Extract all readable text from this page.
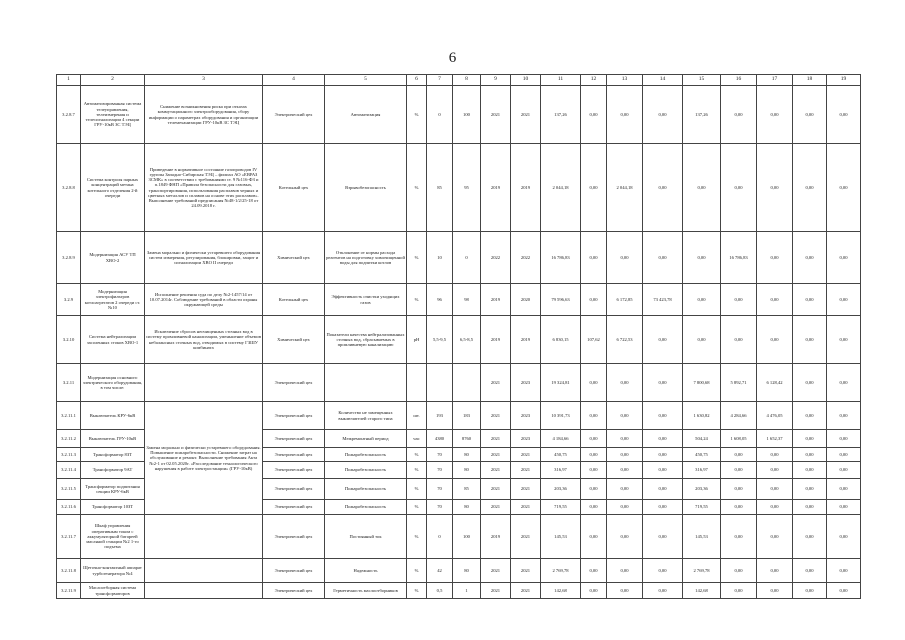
6
1	2	3	4	5	6	7	8	9	10	11	12	13	14	15	16	17	18	19
3.2.8.7	Автоматизированная система телеуправления, телеизмерения и телесигнализации 4 секции ГРУ-10кВ ЗС ТЭЦ	Снижение возникновения риска при отказах коммутационного электрооборудования, сбору информации о параметрах оборудования и организации телемеханизации ГРУ-10кВ ЗС ТЭЦ	Электрический цех	Автоматизация	%	0	100	2021	2021	137,26	0,00	0,00	0,00	137,26	0,00	0,00	0,00	0,00
3.2.8.8	Система контроля парных концентраций метана котельного отделения 2-й очереди	Приведение в нормативное состояние газопроводов IV группы Западно-Сибирская ТЭЦ – филиал АО «ЕВРАЗ ЗСМК» в соответствии с требованиями ст. 9 №116-ФЗ и п.1849 ФНП «Правила безопасности для газовых, транспортирования, использования расплавов черных и цветных металлов и сплавов на основе этих расплавов». Выполнение требований предписания №48-1/2/25-18 от 24.09.2018 г.	Котельный цех	Взрывобезопасность	%	85	95	2019	2019	2 044,18	0,00	2 044,18	0,00	0,00	0,00	0,00	0,00	0,00
3.2.8.9	Модернизация АСУ ТП ХВО-2	Замена морально и физически устаревшего оборудования систем измерения, регулирования, блокировки, защит и сигнализации ХВО II очереди	Химический цех	Отклонение от нормы расхода реагентов на подготовку химочищенной воды для подпитки котлов	%	10	0	2022	2022	16 786,83	0,00	0,00	0,00	0,00	16 786,83	0,00	0,00	0,00
3.2.9	Модернизация электрофильтров котлоагрегатов 2 очереди ст.№10	Исполнение решения суда по делу №2-1457/14 от 10.07.2014г. Соблюдение требований в области охраны окружающей среды	Котельный цех	Эффективность очистки уходящих газов	%	96	98	2019	2020	79 596,63	0,00	6 172,85	73 423,78	0,00	0,00	0,00	0,00	0,00
3.2.10	Система нейтрализации засоленных стоков ХВО-1	Исключение сбросов неочищенных сточных вод в систему промливневой канализации, уменьшение объемов небалансных сточных вод, отводимых в систему ГЗШУ комбината	Химический цех	Показатели качества нейтрализованных сточных вод, сбрасываемых в промливневую канализацию	pH	5,5-9,5	6,5-8,5	2019	2019	6 830,15	107,62	6 722,53	0,00	0,00	0,00	0,00	0,00	0,00
3.2.11	Модернизация основного электрического оборудования, в том числе:		Электрический цех					2021	2023	19 324,81	0,00	0,00	0,00	7 800,68	5 892,71	6 128,42	0,00	0,00
3.2.11.1	Выключатель КРУ-6кВ	Замена морально и физически устаревшего оборудования. Повышение пожаробезопасности. Снижение затрат на обслуживание и ремонт. Выполнение требования Акта №2-1 от 02.05.2020г. «Расследование технологического нарушения в работе электростанции» (ГРУ-10кВ)	Электрический цех	Количество не замещенных выключателей старого типа	шт.	193	183	2021	2023	10 391,73	0,00	0,00	0,00	1 630,82	4 284,66	4 476,05	0,00	0,00
3.2.11.2	Выключатель ГРУ-10кВ		Электрический цех	Межремонтный период	час	4380	8760	2021	2023	4 184,66	0,00	0,00	0,00	504,24	1 608,05	1 652,37	0,00	0,00
3.2.11.3	Трансформатор 8ЗТ		Электрический цех	Пожаробезопасность	%	70	80	2021	2021	450,75	0,00	0,00	0,00	450,75	0,00	0,00	0,00	0,00
3.2.11.4	Трансформатор 9АТ		Электрический цех	Пожаробезопасность	%	70	80	2021	2021	316,97	0,00	0,00	0,00	316,97	0,00	0,00	0,00	0,00
3.2.11.5	Трансформатор подпитания секции КРУ-6кВ		Электрический цех	Пожаробезопасность	%	70	85	2021	2021	203,36	0,00	0,00	0,00	203,36	0,00	0,00	0,00	0,00
3.2.11.6	Трансформатор 10ЗТ		Электрический цех	Пожаробезопасность	%	70	80	2021	2021	719,55	0,00	0,00	0,00	719,55	0,00	0,00	0,00	0,00
3.2.11.7	Шкаф управления оперативным током с аккумуляторной батареей масляной станции №2 1-го подъема		Электрический цех	Постоянный ток	%	0	100	2019	2021	145,53	0,00	0,00	0,00	145,53	0,00	0,00	0,00	0,00
3.2.11.8	Щеточно-контактный аппарат турбогенератора №4		Электрический цех	Надежность	%	42	80	2021	2021	2 769,78	0,00	0,00	0,00	2 769,78	0,00	0,00	0,00	0,00
3.2.11.9	Маслоотборная система трансформаторов		Электрический цех	Герметичность маслоотборников	%	0,5	1	2021	2021	142,68	0,00	0,00	0,00	142,68	0,00	0,00	0,00	0,00
